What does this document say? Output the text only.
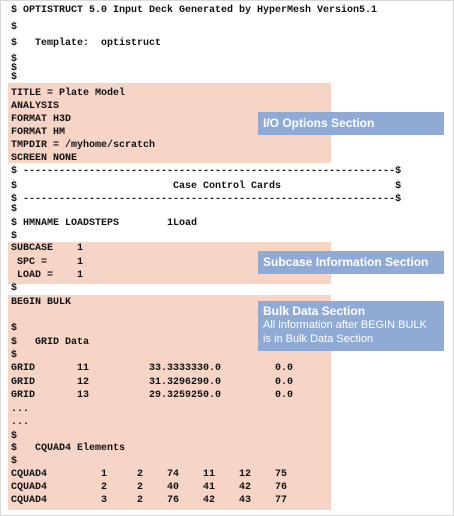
$ OPTISTRUCT 5.0 Input Deck Generated by HyperMesh Version5.1
$
$   Template:  optistruct
$
$
$
TITLE = Plate Model
ANALYSIS
FORMAT H3D
FORMAT HM
TMPDIR = /myhome/scratch
SCREEN NONE
$ --------------------------------------------------------------$
$                          Case Control Cards                   $
$ --------------------------------------------------------------$
$
$ HMNAME LOADSTEPS        1Load
$
SUBCASE    1
SPC =     1
LOAD =    1
$
BEGIN BULK
$
$   GRID Data
$
GRID       11          33.3333330.0         0.0
GRID       12          31.3296290.0         0.0
GRID       13          29.3259250.0         0.0
...
...
$
$   CQUAD4 Elements
$
CQUAD4         1     2    74    11    12    75
CQUAD4         2     2    40    41    42    76
CQUAD4         3     2    76    42    43    77
I/O Options Section
Subcase Information Section
Bulk Data Section
All information after BEGIN BULK
is in Bulk Data Section
